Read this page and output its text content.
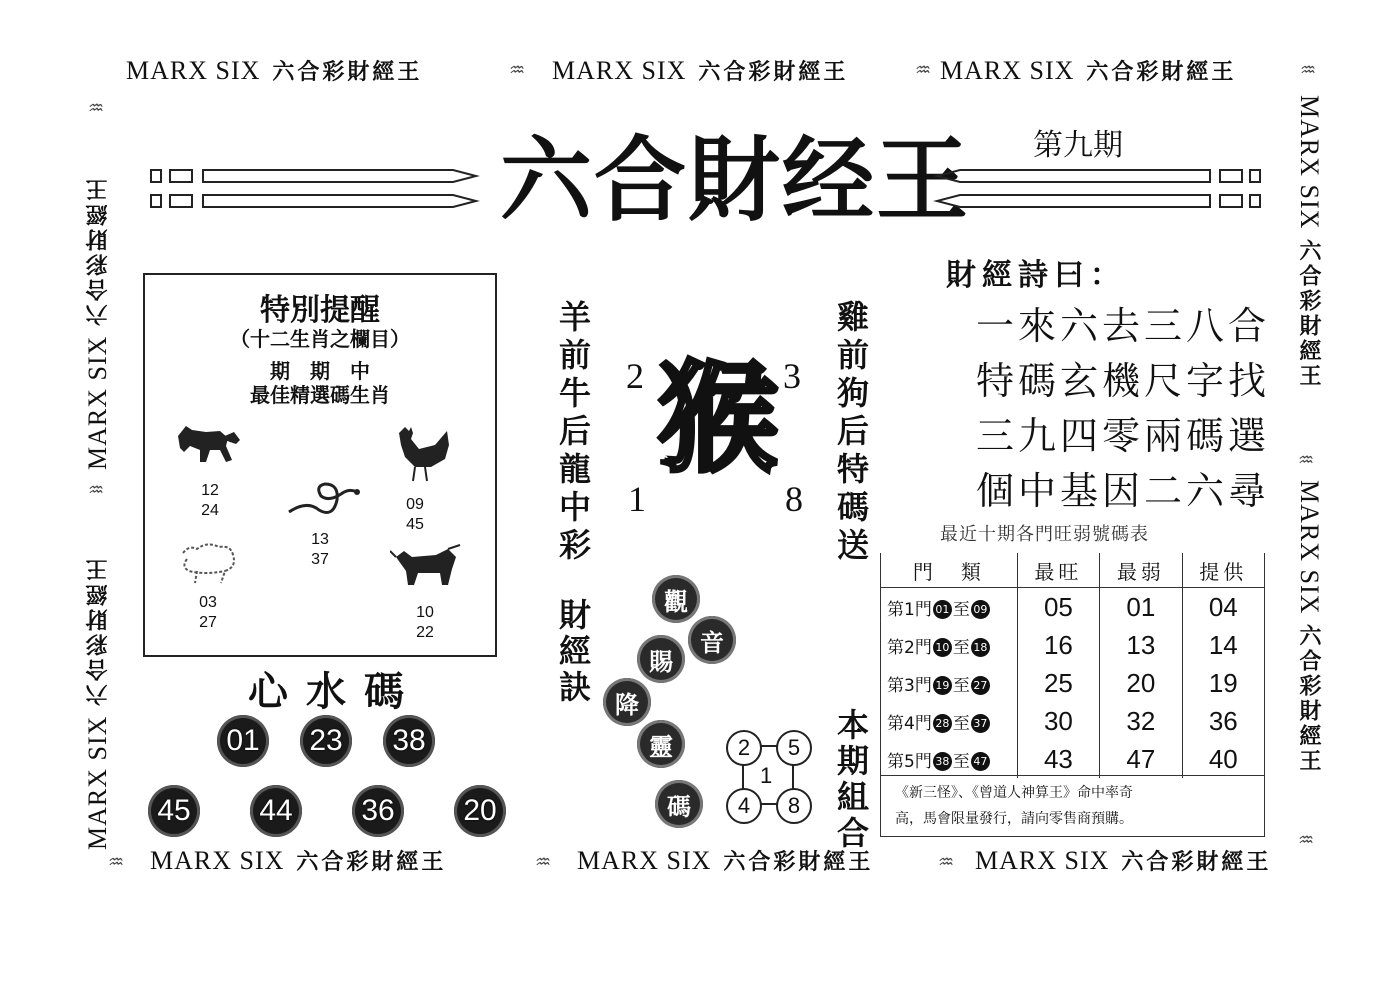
MARX SIX 六合彩財經王	♒ MARX SIX 六合彩財經王	♒ MARX SIX 六合彩財經王	♒
♒ MARX SIX 六合彩財經王	♒ MARX SIX 六合彩財經王	♒ MARX SIX 六合彩財經王
♒
♒
MARX SIX六合彩財經王
♒
MARX SIX六合彩財經王
MARX SIX六合彩財經王
♒
MARX SIX六合彩財經王
六合財经王 第九期
特別提醒
（十二生肖之欄目）
期　期　中
最佳精選碼生肖
12
24
13
37
09
45
03
27
10
22
心水碼
01 23 38
45 44 36 20
羊前牛后龍中彩
財經訣
雞前狗后特碼送
本期組合
2	3
1	8
猴
觀
音
賜
降
靈
碼
2	5
1
4	8
財經詩曰：
一來六去三八合
特碼玄機尺字找
三九四零兩碼選
個中基因二六尋
最近十期各門旺弱號碼表
門　類	最旺	最弱	提供
第1門 01 至 09	05	01	04
第2門 10 至 18	16	13	14
第3門 19 至 27	25	20	19
第4門 28 至 37	30	32	36
第5門 38 至 47	43	47	40
《新三怪》、《曾道人神算王》命中率奇
高，馬會限量發行，請向零售商預購。
